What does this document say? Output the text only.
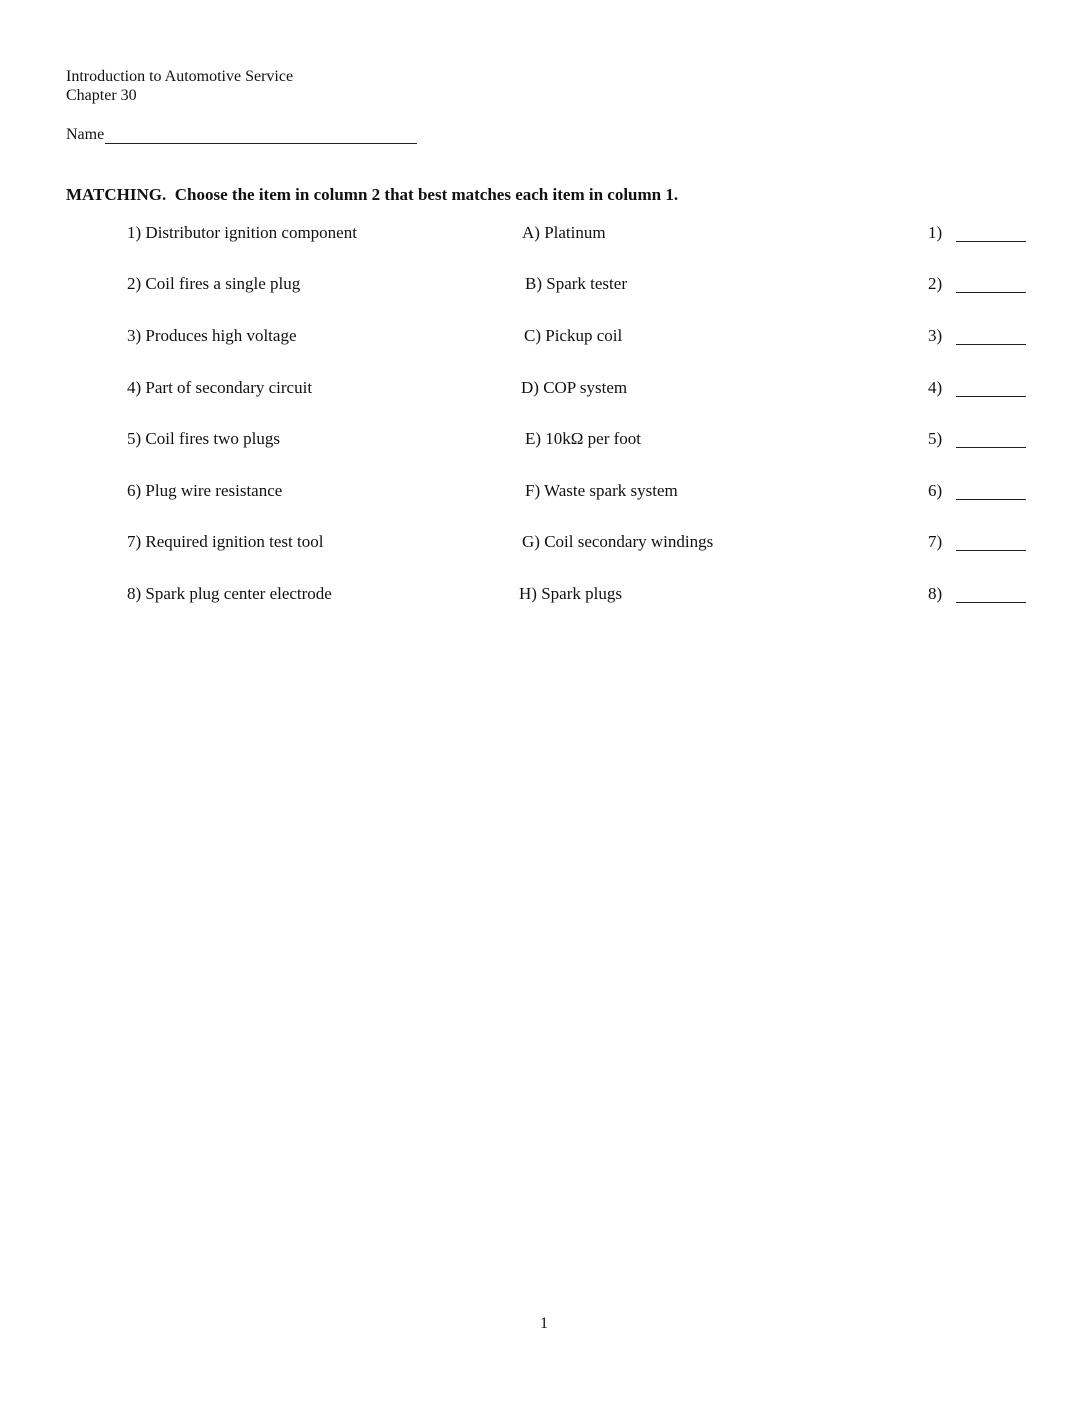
Introduction to Automotive Service
Chapter 30
Name
MATCHING.  Choose the item in column 2 that best matches each item in column 1.
1) Distributor ignition component	A) Platinum	1)
2) Coil fires a single plug	B) Spark tester	2)
3) Produces high voltage	C) Pickup coil	3)
4) Part of secondary circuit	D) COP system	4)
5) Coil fires two plugs	E) 10kΩ per foot	5)
6) Plug wire resistance	F) Waste spark system	6)
7) Required ignition test tool	G) Coil secondary windings	7)
8) Spark plug center electrode	H) Spark plugs	8)
1
